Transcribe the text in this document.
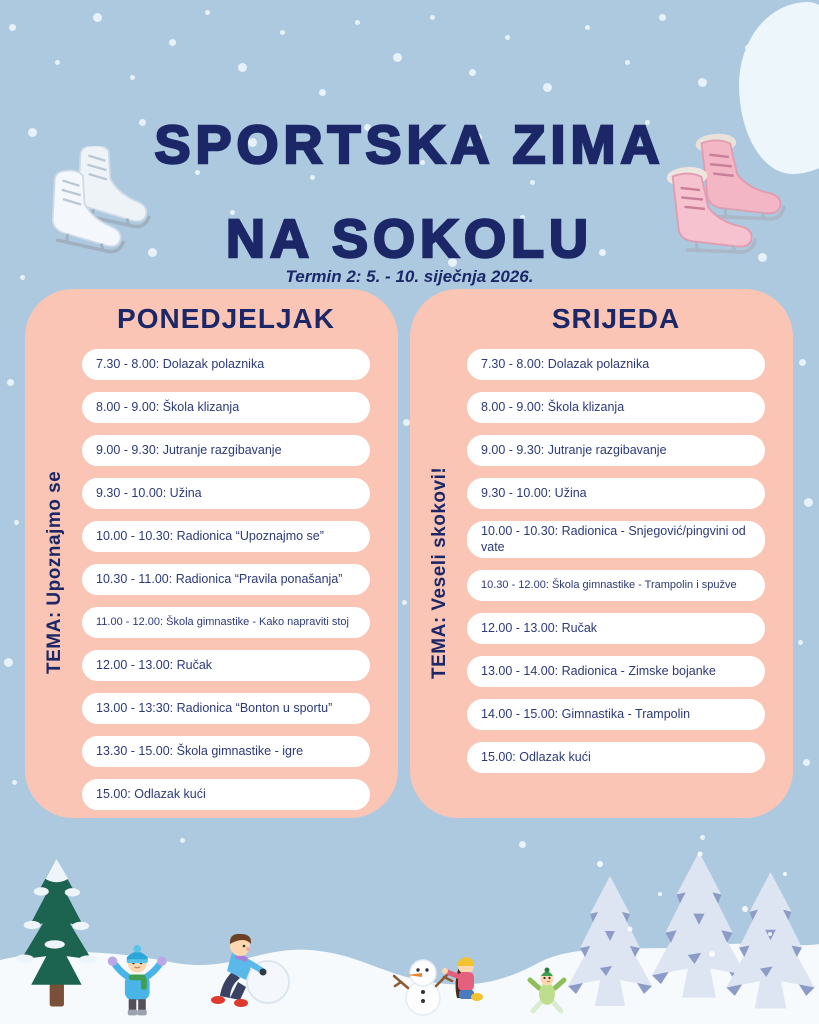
SPORTSKA ZIMA
NA SOKOLU

Termin 2: 5. - 10. siječnja 2026.

PONEDJELJAK
TEMA: Upoznajmo se
7.30 - 8.00: Dolazak polaznika
8.00 - 9.00: Škola klizanja
9.00 - 9.30: Jutranje razgibavanje
9.30 - 10.00: Užina
10.00 - 10.30: Radionica “Upoznajmo se”
10.30 - 11.00: Radionica “Pravila ponašanja”
11.00 - 12.00: Škola gimnastike - Kako napraviti stoj
12.00 - 13.00: Ručak
13.00 - 13:30: Radionica “Bonton u sportu”
13.30 - 15.00: Škola gimnastike - igre
15.00: Odlazak kući
SRIJEDA
TEMA: Veseli skokovi!
7.30 - 8.00: Dolazak polaznika
8.00 - 9.00: Škola klizanja
9.00 - 9.30: Jutranje razgibavanje
9.30 - 10.00: Užina
10.00 - 10.30: Radionica - Snjegović/pingvini od vate
10.30 - 12.00: Škola gimnastike - Trampolin i spužve
12.00 - 13.00: Ručak
13.00 - 14.00: Radionica - Zimske bojanke
14.00 - 15.00: Gimnastika - Trampolin
15.00: Odlazak kući
